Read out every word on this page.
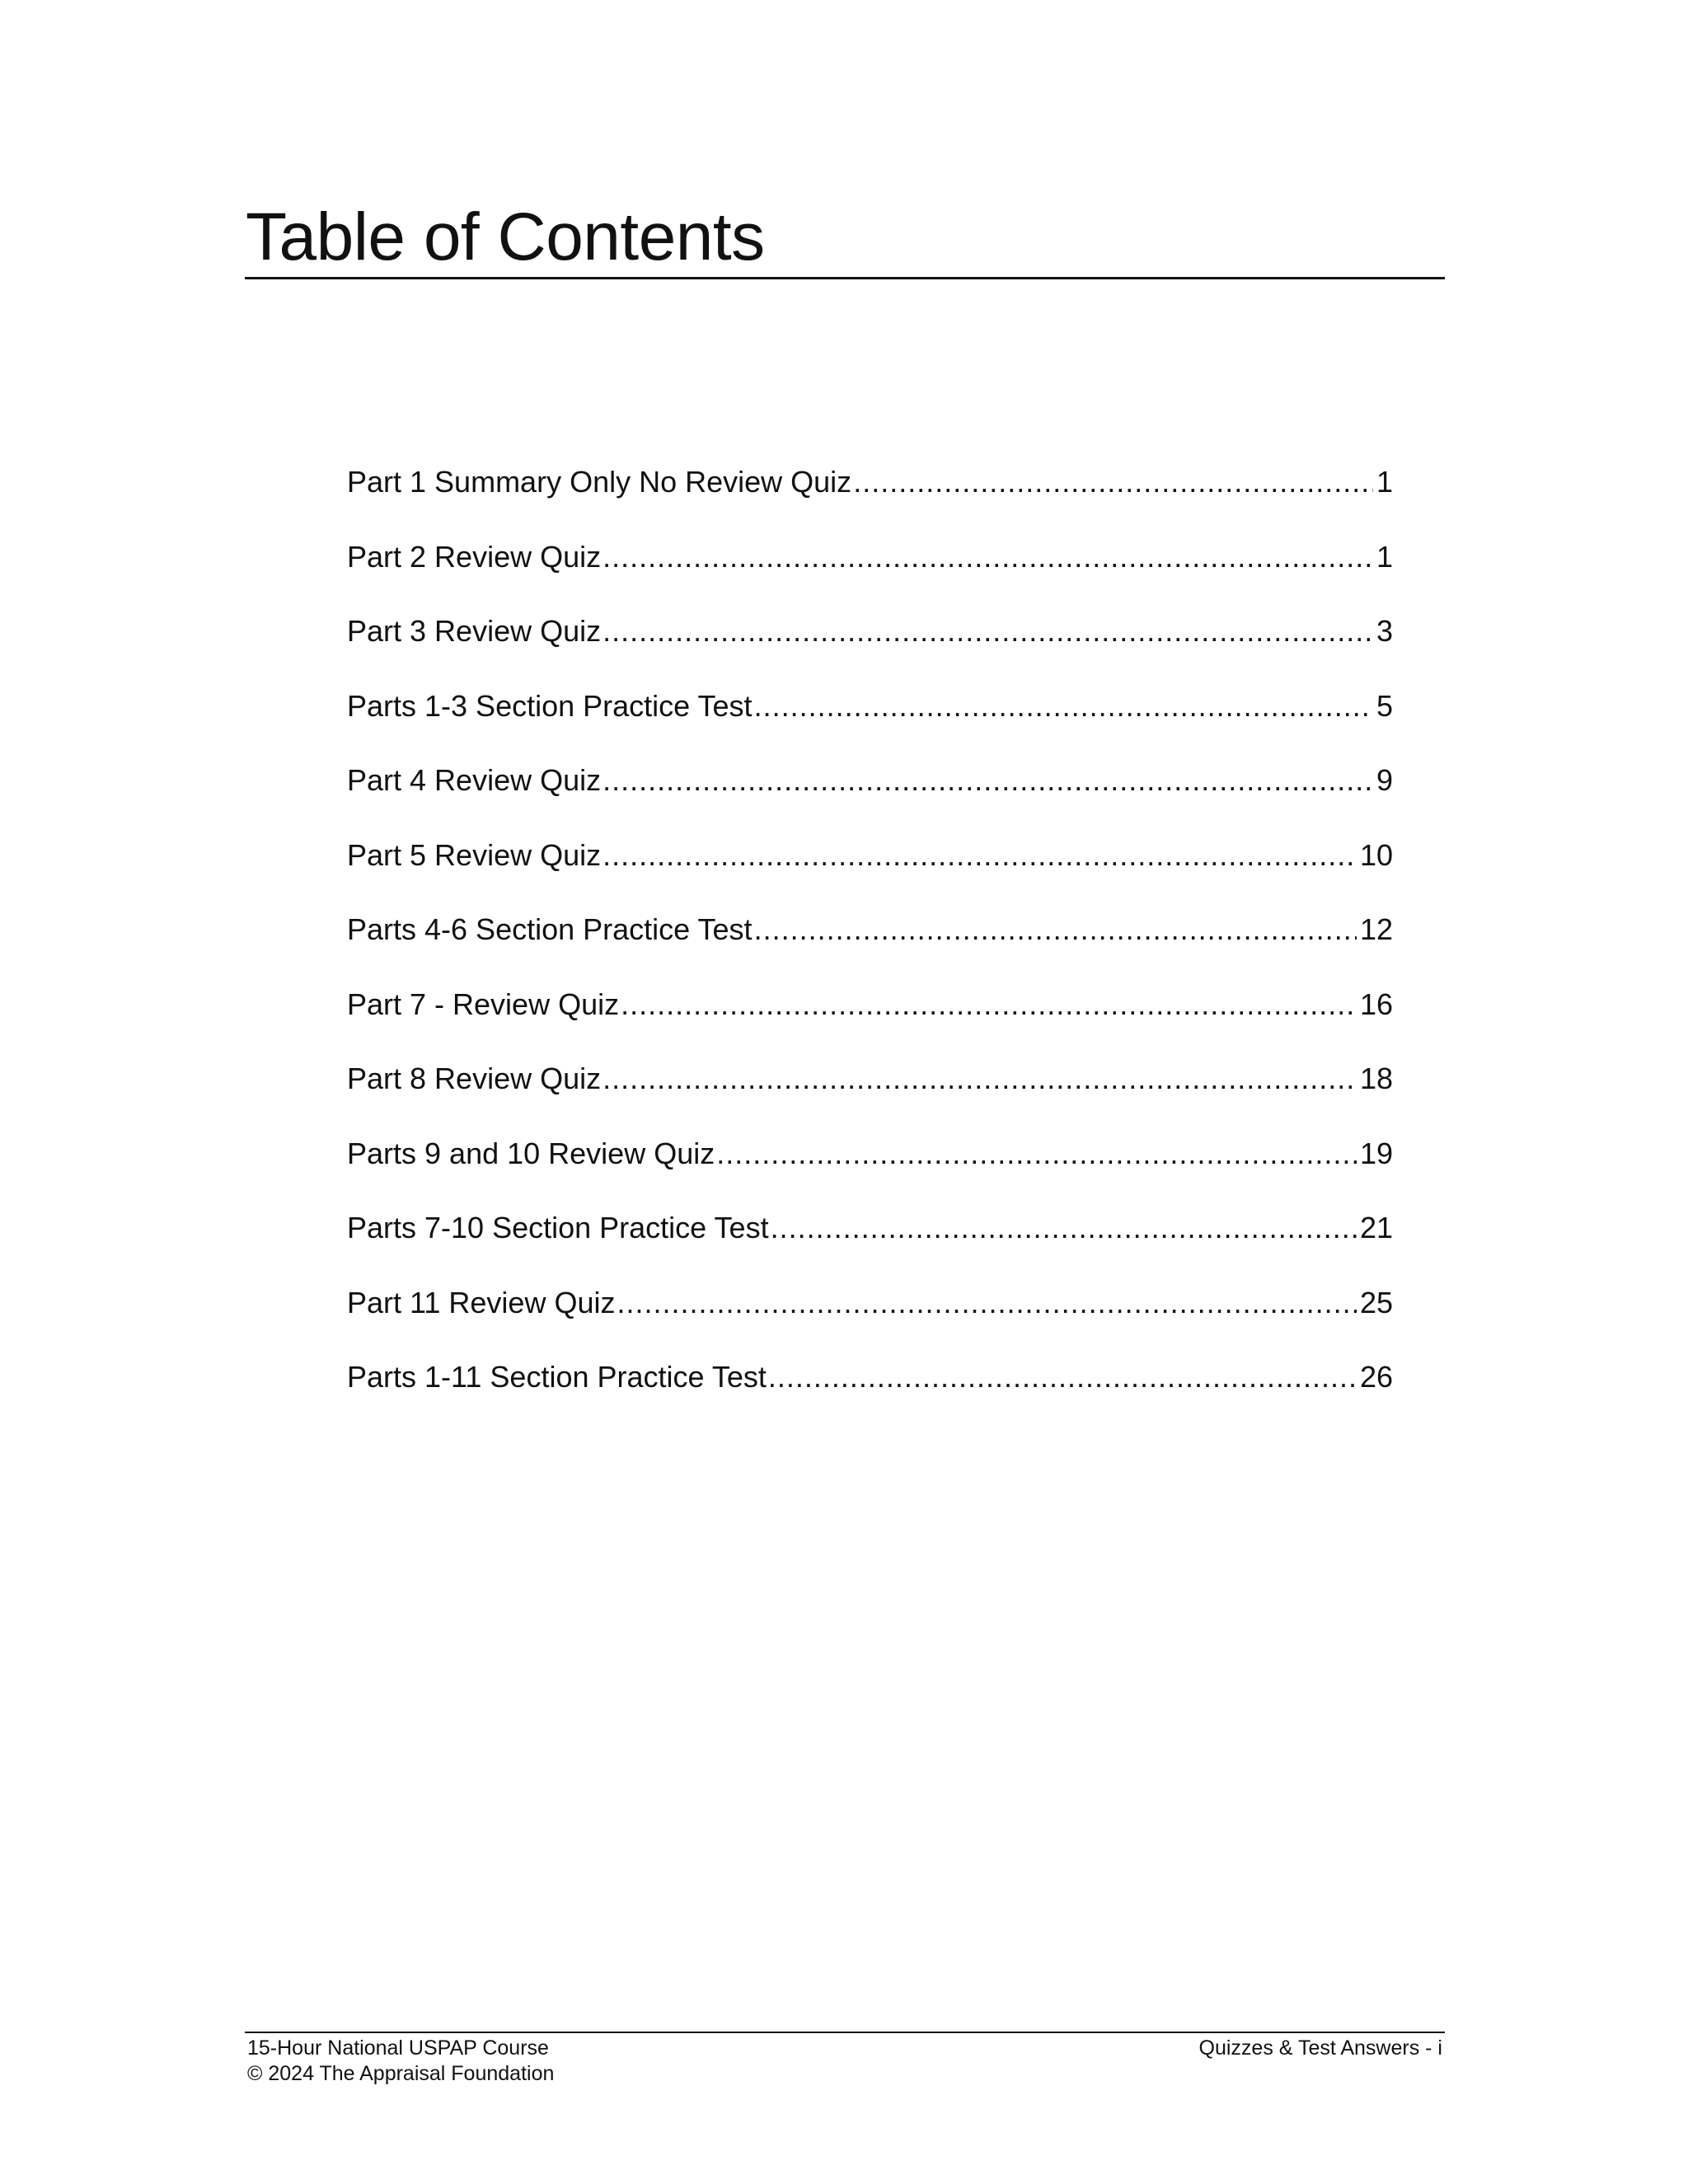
Table of Contents
Part 1 Summary Only No Review Quiz .....	1
Part 2 Review Quiz .....	1
Part 3 Review Quiz .....	3
Parts 1-3 Section Practice Test .....	5
Part 4 Review Quiz .....	9
Part 5 Review Quiz .....	10
Parts 4-6 Section Practice Test .....	12
Part 7 - Review Quiz .....	16
Part 8 Review Quiz .....	18
Parts 9 and 10 Review Quiz .....	19
Parts 7-10 Section Practice Test .....	21
Part 11 Review Quiz .....	25
Parts 1-11 Section Practice Test .....	26
15-Hour National USPAP Course
© 2024 The Appraisal Foundation
Quizzes & Test Answers - i
